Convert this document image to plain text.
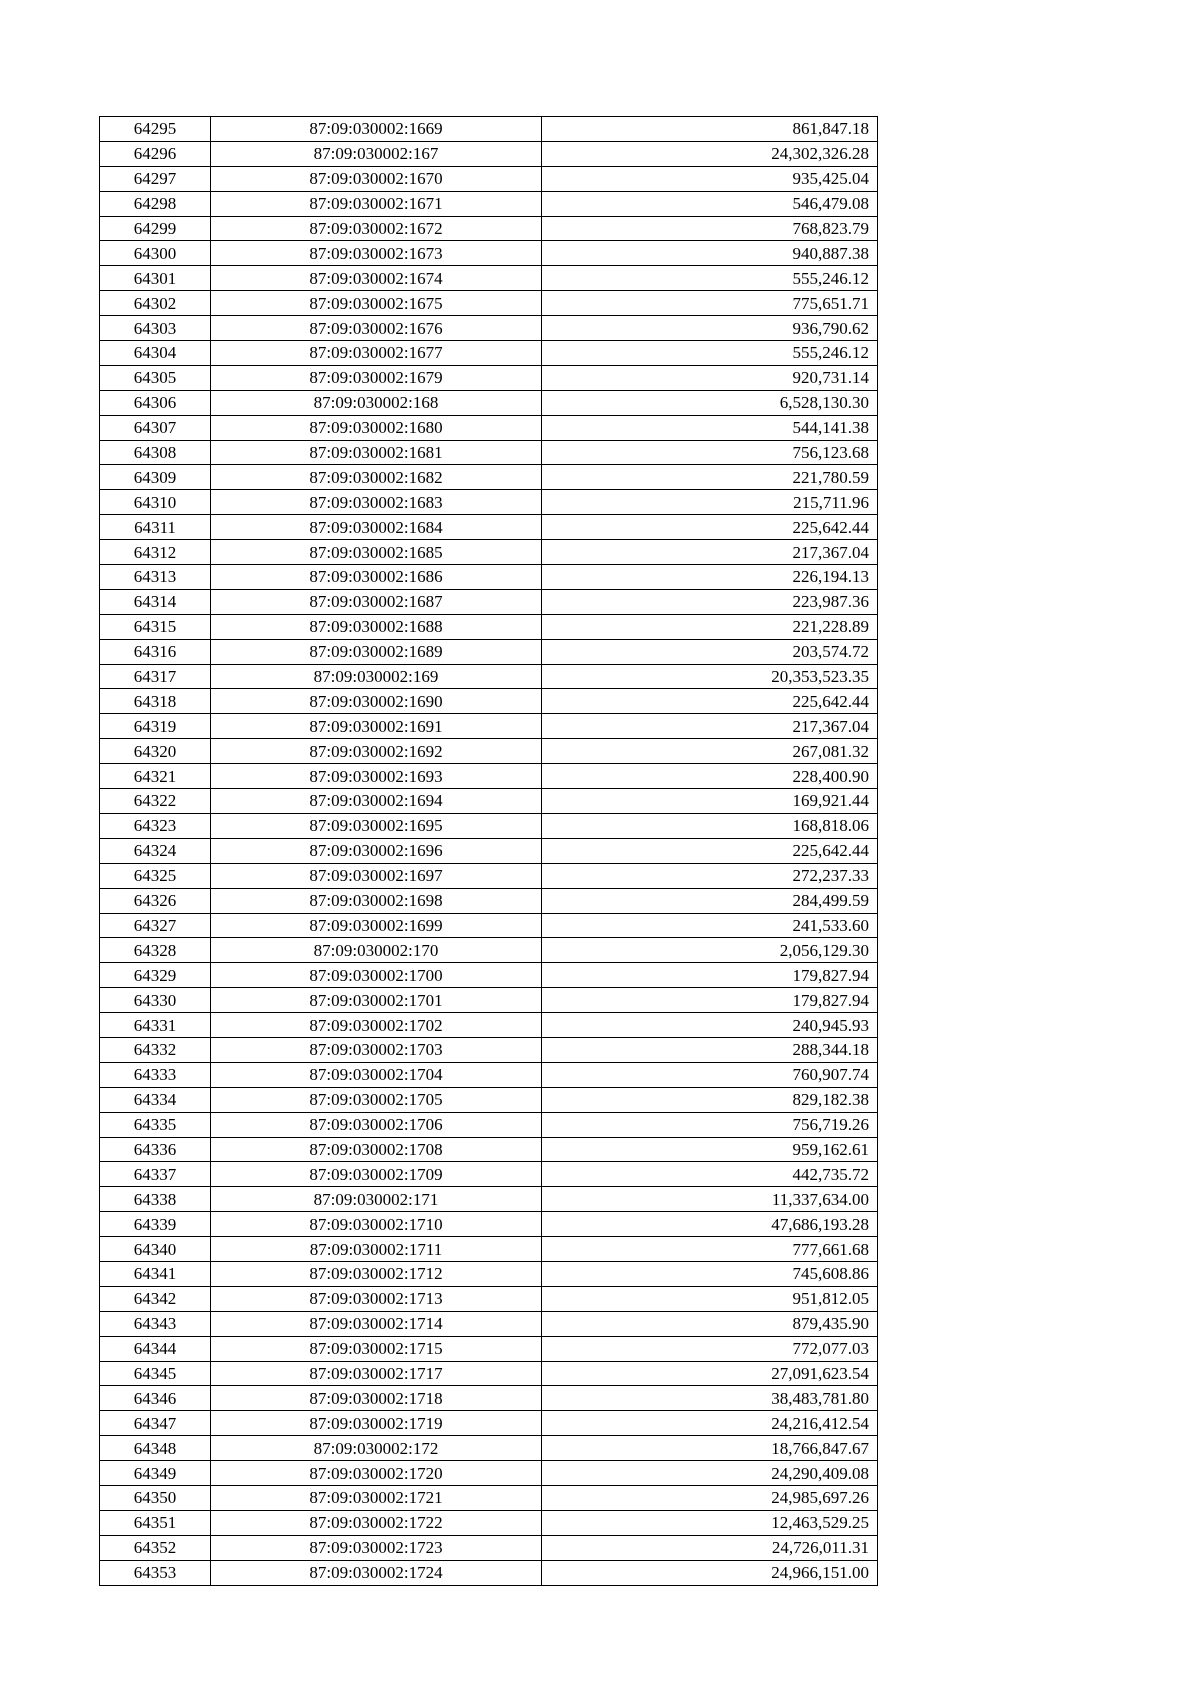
64295	87:09:030002:1669	861,847.18
64296	87:09:030002:167	24,302,326.28
64297	87:09:030002:1670	935,425.04
64298	87:09:030002:1671	546,479.08
64299	87:09:030002:1672	768,823.79
64300	87:09:030002:1673	940,887.38
64301	87:09:030002:1674	555,246.12
64302	87:09:030002:1675	775,651.71
64303	87:09:030002:1676	936,790.62
64304	87:09:030002:1677	555,246.12
64305	87:09:030002:1679	920,731.14
64306	87:09:030002:168	6,528,130.30
64307	87:09:030002:1680	544,141.38
64308	87:09:030002:1681	756,123.68
64309	87:09:030002:1682	221,780.59
64310	87:09:030002:1683	215,711.96
64311	87:09:030002:1684	225,642.44
64312	87:09:030002:1685	217,367.04
64313	87:09:030002:1686	226,194.13
64314	87:09:030002:1687	223,987.36
64315	87:09:030002:1688	221,228.89
64316	87:09:030002:1689	203,574.72
64317	87:09:030002:169	20,353,523.35
64318	87:09:030002:1690	225,642.44
64319	87:09:030002:1691	217,367.04
64320	87:09:030002:1692	267,081.32
64321	87:09:030002:1693	228,400.90
64322	87:09:030002:1694	169,921.44
64323	87:09:030002:1695	168,818.06
64324	87:09:030002:1696	225,642.44
64325	87:09:030002:1697	272,237.33
64326	87:09:030002:1698	284,499.59
64327	87:09:030002:1699	241,533.60
64328	87:09:030002:170	2,056,129.30
64329	87:09:030002:1700	179,827.94
64330	87:09:030002:1701	179,827.94
64331	87:09:030002:1702	240,945.93
64332	87:09:030002:1703	288,344.18
64333	87:09:030002:1704	760,907.74
64334	87:09:030002:1705	829,182.38
64335	87:09:030002:1706	756,719.26
64336	87:09:030002:1708	959,162.61
64337	87:09:030002:1709	442,735.72
64338	87:09:030002:171	11,337,634.00
64339	87:09:030002:1710	47,686,193.28
64340	87:09:030002:1711	777,661.68
64341	87:09:030002:1712	745,608.86
64342	87:09:030002:1713	951,812.05
64343	87:09:030002:1714	879,435.90
64344	87:09:030002:1715	772,077.03
64345	87:09:030002:1717	27,091,623.54
64346	87:09:030002:1718	38,483,781.80
64347	87:09:030002:1719	24,216,412.54
64348	87:09:030002:172	18,766,847.67
64349	87:09:030002:1720	24,290,409.08
64350	87:09:030002:1721	24,985,697.26
64351	87:09:030002:1722	12,463,529.25
64352	87:09:030002:1723	24,726,011.31
64353	87:09:030002:1724	24,966,151.00
